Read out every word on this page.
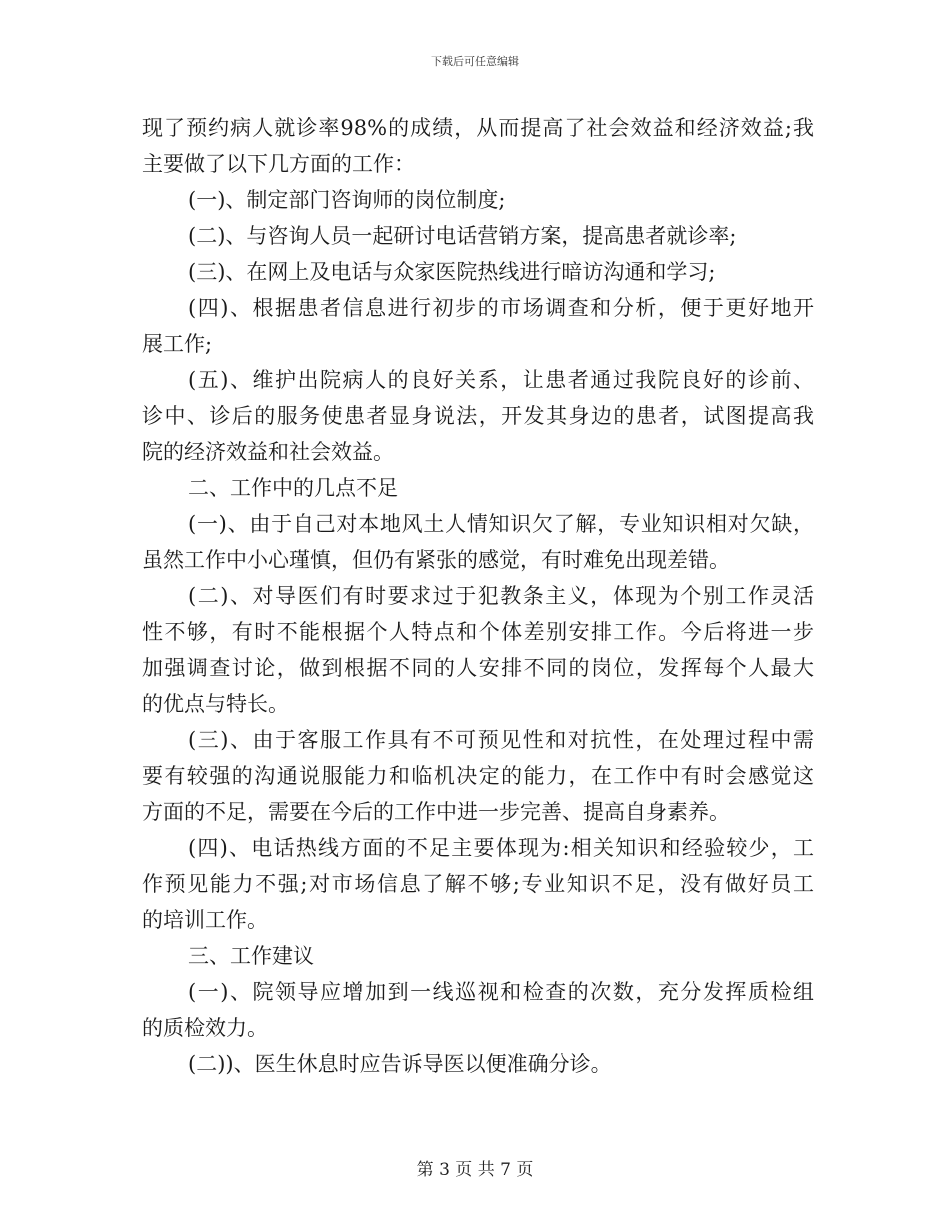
下载后可任意编辑
现了预约病人就诊率98%的成绩，从而提高了社会效益和经济效益;我
主要做了以下几方面的工作：
(一)、制定部门咨询师的岗位制度;
(二)、与咨询人员一起研讨电话营销方案，提高患者就诊率;
(三)、在网上及电话与众家医院热线进行暗访沟通和学习;
(四)、根据患者信息进行初步的市场调查和分析，便于更好地开
展工作;
(五)、维护出院病人的良好关系，让患者通过我院良好的诊前、
诊中、诊后的服务使患者显身说法，开发其身边的患者，试图提高我
院的经济效益和社会效益。
二、工作中的几点不足
(一)、由于自己对本地风土人情知识欠了解，专业知识相对欠缺，
虽然工作中小心瑾慎，但仍有紧张的感觉，有时难免出现差错。
(二)、对导医们有时要求过于犯教条主义，体现为个别工作灵活
性不够，有时不能根据个人特点和个体差别安排工作。今后将进一步
加强调查讨论，做到根据不同的人安排不同的岗位，发挥每个人最大
的优点与特长。
(三)、由于客服工作具有不可预见性和对抗性，在处理过程中需
要有较强的沟通说服能力和临机决定的能力，在工作中有时会感觉这
方面的不足，需要在今后的工作中进一步完善、提高自身素养。
(四)、电话热线方面的不足主要体现为:相关知识和经验较少，工
作预见能力不强;对市场信息了解不够;专业知识不足，没有做好员工
的培训工作。
三、工作建议
(一)、院领导应增加到一线巡视和检查的次数，充分发挥质检组
的质检效力。
(二))、医生休息时应告诉导医以便准确分诊。
第 3 页 共 7 页
